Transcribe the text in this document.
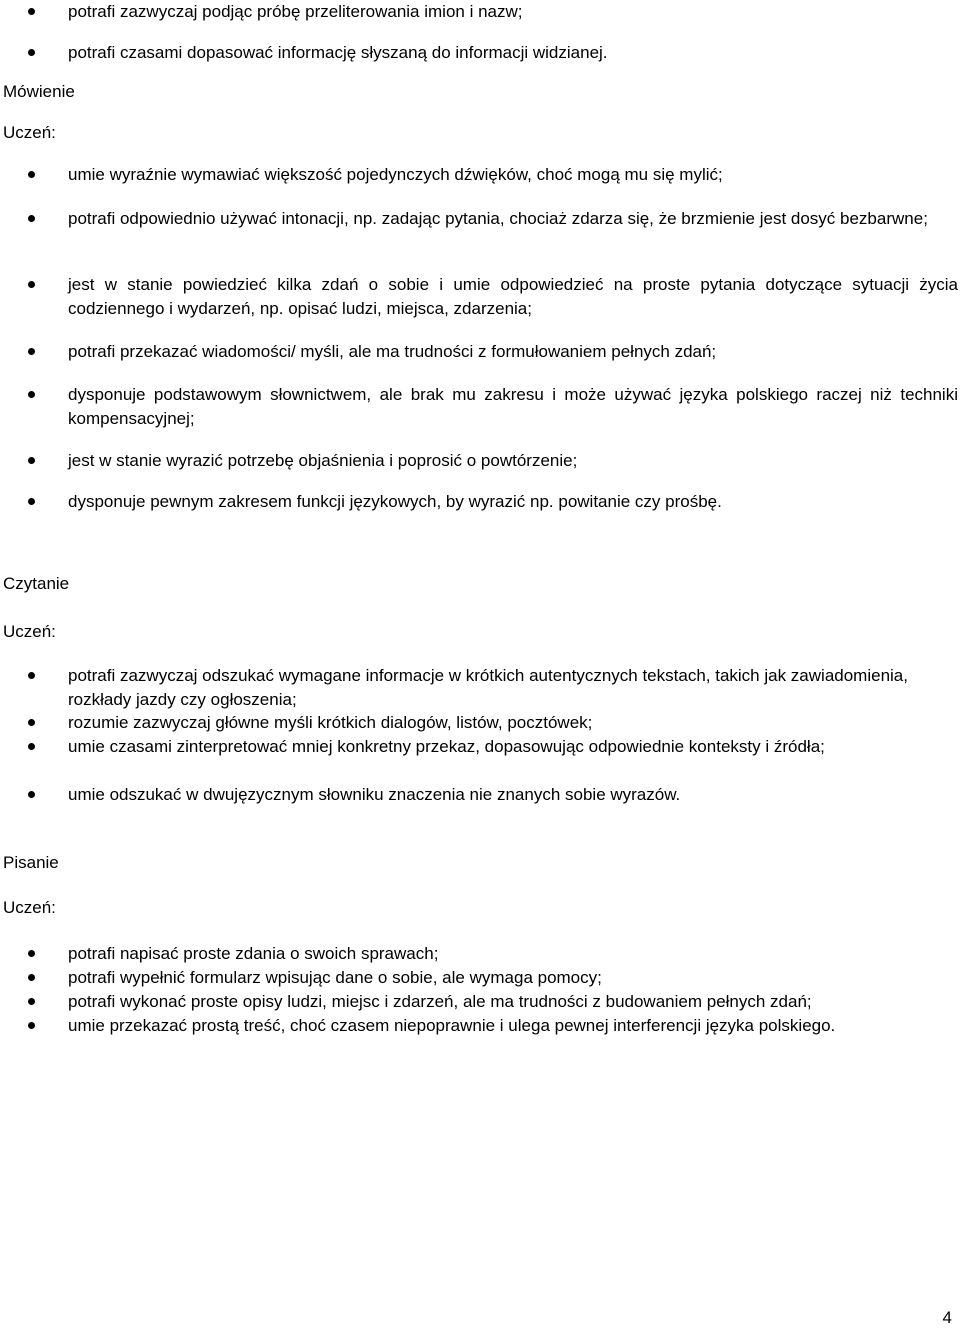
potrafi zazwyczaj podjąc próbę przeliterowania imion i nazw;
potrafi czasami dopasować informację słyszaną do informacji widzianej.
Mówienie
Uczeń:
umie wyraźnie wymawiać większość pojedynczych dźwięków, choć mogą mu się mylić;
potrafi odpowiednio używać intonacji, np. zadając pytania, chociaż zdarza się, że brzmienie jest dosyć bezbarwne;
jest w stanie powiedzieć kilka zdań o sobie i umie odpowiedzieć na proste pytania dotyczące sytuacji życia codziennego i wydarzeń, np. opisać ludzi, miejsca, zdarzenia;
potrafi przekazać wiadomości/ myśli, ale ma trudności z formułowaniem pełnych zdań;
dysponuje podstawowym słownictwem, ale brak mu zakresu i może używać języka polskiego raczej niż techniki kompensacyjnej;
jest w stanie wyrazić potrzebę objaśnienia i poprosić o powtórzenie;
dysponuje pewnym zakresem funkcji językowych, by wyrazić np. powitanie czy prośbę.
Czytanie
Uczeń:
potrafi zazwyczaj odszukać wymagane informacje w krótkich autentycznych tekstach, takich jak zawiadomienia, rozkłady jazdy czy ogłoszenia;
rozumie zazwyczaj główne myśli krótkich dialogów, listów, pocztówek;
umie czasami zinterpretować mniej konkretny przekaz, dopasowując odpowiednie konteksty i źródła;
umie odszukać w dwujęzycznym słowniku znaczenia nie znanych sobie wyrazów.
Pisanie
Uczeń:
potrafi napisać proste zdania o swoich sprawach;
potrafi wypełnić formularz wpisując dane o sobie, ale wymaga pomocy;
potrafi wykonać proste opisy ludzi, miejsc i zdarzeń, ale ma trudności z budowaniem pełnych zdań;
umie przekazać prostą treść, choć czasem niepoprawnie i ulega pewnej interferencji języka polskiego.
4
